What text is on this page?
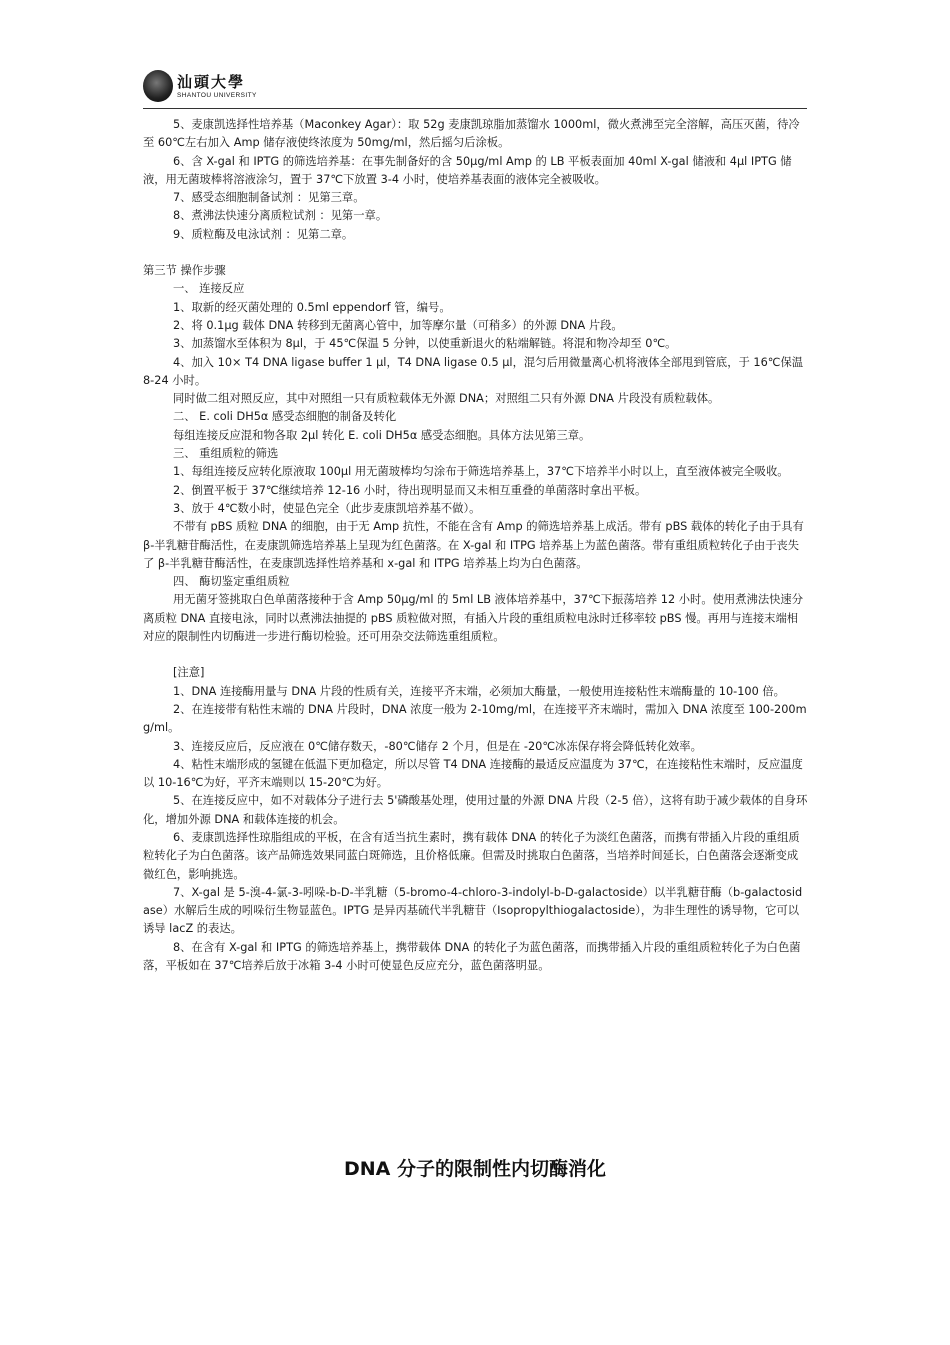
汕頭大學
SHANTOU UNIVERSITY

5、麦康凯选择性培养基（Maconkey Agar）：取 52g 麦康凯琼脂加蒸馏水 1000ml，微火煮沸至完全溶解，高压灭菌，待冷至 60℃左右加入 Amp 储存液使终浓度为 50mg/ml，然后摇匀后涂板。

6、含 X-gal 和 IPTG 的筛选培养基：在事先制备好的含 50μg/ml Amp 的 LB 平板表面加 40ml X-gal 储液和 4μl IPTG 储液，用无菌玻棒将溶液涂匀，置于 37℃下放置 3-4 小时，使培养基表面的液体完全被吸收。

7、感受态细胞制备试剂 ：见第三章。

8、煮沸法快速分离质粒试剂 ：见第一章。

9、质粒酶及电泳试剂 ：见第二章。

第三节 操作步骤

一、 连接反应

1、取新的经灭菌处理的 0.5ml eppendorf 管，编号。

2、将 0.1μg 载体 DNA 转移到无菌离心管中，加等摩尔量（可稍多）的外源 DNA 片段。

3、加蒸馏水至体积为 8μl，于 45℃保温 5 分钟，以使重新退火的粘端解链。将混和物冷却至 0℃。

4、加入 10× T4 DNA ligase buffer 1 μl，T4 DNA ligase 0.5 μl，混匀后用微量离心机将液体全部甩到管底，于 16℃保温 8-24 小时。

同时做二组对照反应，其中对照组一只有质粒载体无外源 DNA；对照组二只有外源 DNA 片段没有质粒载体。

二、 E. coli DH5α 感受态细胞的制备及转化

每组连接反应混和物各取 2μl 转化 E. coli DH5α 感受态细胞。具体方法见第三章。

三、 重组质粒的筛选

1、每组连接反应转化原液取 100μl 用无菌玻棒均匀涂布于筛选培养基上，37℃下培养半小时以上，直至液体被完全吸收。

2、倒置平板于 37℃继续培养 12-16 小时，待出现明显而又未相互重叠的单菌落时拿出平板。

3、放于 4℃数小时，使显色完全（此步麦康凯培养基不做）。

不带有 pBS 质粒 DNA 的细胞，由于无 Amp 抗性，不能在含有 Amp 的筛选培养基上成活。带有 pBS 载体的转化子由于具有 β-半乳糖苷酶活性，在麦康凯筛选培养基上呈现为红色菌落。在 X-gal 和 ITPG 培养基上为蓝色菌落。带有重组质粒转化子由于丧失了 β-半乳糖苷酶活性，在麦康凯选择性培养基和 x-gal 和 ITPG 培养基上均为白色菌落。

四、 酶切鉴定重组质粒

用无菌牙签挑取白色单菌落接种于含 Amp 50μg/ml 的 5ml LB 液体培养基中，37℃下振荡培养 12 小时。使用煮沸法快速分离质粒 DNA 直接电泳，同时以煮沸法抽提的 pBS 质粒做对照，有插入片段的重组质粒电泳时迁移率较 pBS 慢。再用与连接末端相对应的限制性内切酶进一步进行酶切检验。还可用杂交法筛选重组质粒。

[注意]

1、DNA 连接酶用量与 DNA 片段的性质有关，连接平齐末端，必须加大酶量，一般使用连接粘性末端酶量的 10-100 倍。

2、在连接带有粘性末端的 DNA 片段时，DNA 浓度一般为 2-10mg/ml，在连接平齐末端时，需加入 DNA 浓度至 100-200mg/ml。

3、连接反应后，反应液在 0℃储存数天，-80℃储存 2 个月，但是在 -20℃冰冻保存将会降低转化效率。

4、粘性末端形成的氢键在低温下更加稳定，所以尽管 T4 DNA 连接酶的最适反应温度为 37℃，在连接粘性末端时，反应温度以 10-16℃为好，平齐末端则以 15-20℃为好。

5、在连接反应中，如不对载体分子进行去 5'磷酸基处理，使用过量的外源 DNA 片段（2-5 倍），这将有助于减少载体的自身环化，增加外源 DNA 和载体连接的机会。

6、麦康凯选择性琼脂组成的平板，在含有适当抗生素时，携有载体 DNA 的转化子为淡红色菌落，而携有带插入片段的重组质粒转化子为白色菌落。该产品筛选效果同蓝白斑筛选，且价格低廉。但需及时挑取白色菌落，当培养时间延长，白色菌落会逐渐变成微红色，影响挑选。

7、X-gal 是 5-溴-4-氯-3-吲哚-b-D-半乳糖（5-bromo-4-chloro-3-indolyl-b-D-galactoside）以半乳糖苷酶（b-galactosidase）水解后生成的吲哚衍生物显蓝色。IPTG 是异丙基硫代半乳糖苷（Isopropylthiogalactoside），为非生理性的诱导物，它可以诱导 lacZ 的表达。

8、在含有 X-gal 和 IPTG 的筛选培养基上，携带载体 DNA 的转化子为蓝色菌落，而携带插入片段的重组质粒转化子为白色菌落，平板如在 37℃培养后放于冰箱 3-4 小时可使显色反应充分，蓝色菌落明显。

DNA 分子的限制性内切酶消化
